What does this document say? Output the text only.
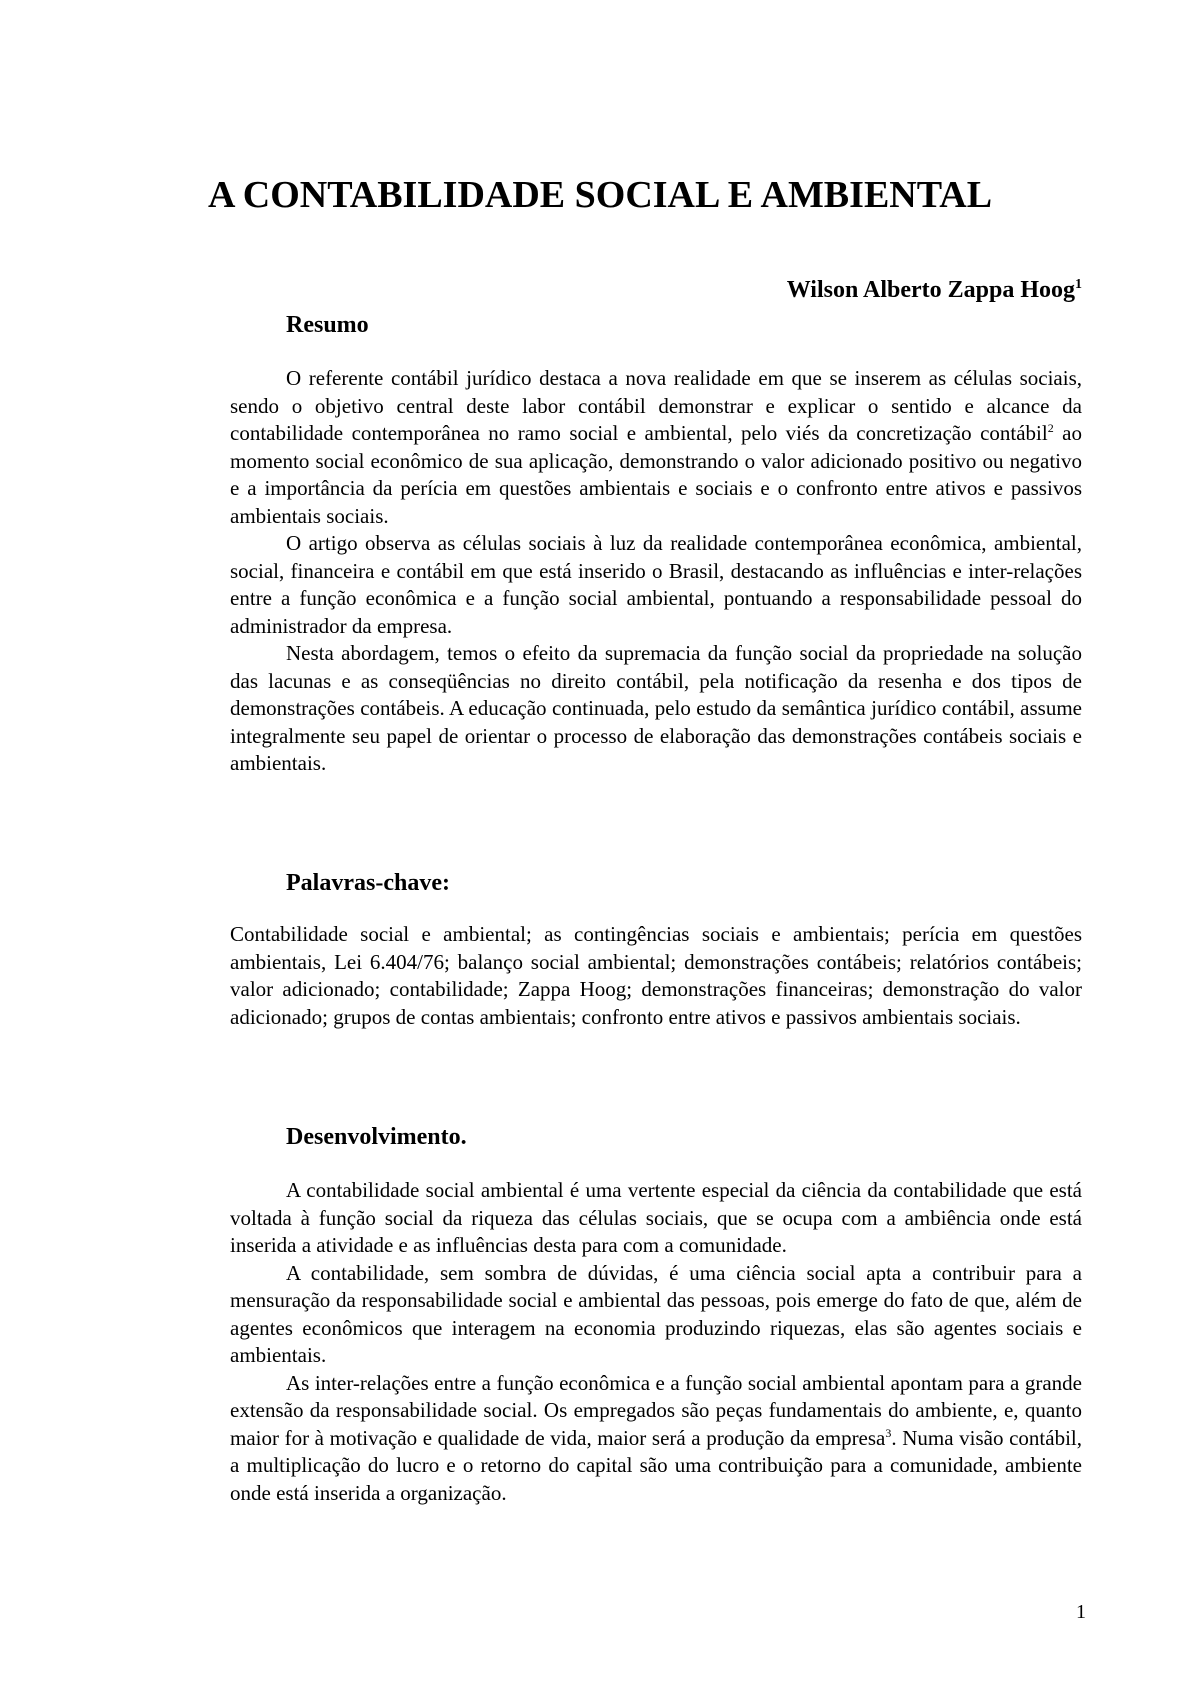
A CONTABILIDADE SOCIAL E AMBIENTAL
Wilson Alberto Zappa Hoog$^1$
Resumo

O referente contábil jurídico destaca a nova realidade em que se inserem as células sociais, sendo o objetivo central deste labor contábil demonstrar e explicar o sentido e alcance da contabilidade contemporânea no ramo social e ambiental, pelo viés da concretização contábil$^2$ ao momento social econômico de sua aplicação, demonstrando o valor adicionado positivo ou negativo e a importância da perícia em questões ambientais e sociais e o confronto entre ativos e passivos ambientais sociais.

O artigo observa as células sociais à luz da realidade contemporânea econômica, ambiental, social, financeira e contábil em que está inserido o Brasil, destacando as influências e inter-relações entre a função econômica e a função social ambiental, pontuando a responsabilidade pessoal do administrador da empresa.

Nesta abordagem, temos o efeito da supremacia da função social da propriedade na solução das lacunas e as conseqüências no direito contábil, pela notificação da resenha e dos tipos de demonstrações contábeis. A educação continuada, pelo estudo da semântica jurídico contábil, assume integralmente seu papel de orientar o processo de elaboração das demonstrações contábeis sociais e ambientais.

Palavras-chave:

Contabilidade social e ambiental; as contingências sociais e ambientais; perícia em questões ambientais, Lei 6.404/76; balanço social ambiental; demonstrações contábeis; relatórios contábeis; valor adicionado; contabilidade; Zappa Hoog; demonstrações financeiras; demonstração do valor adicionado; grupos de contas ambientais; confronto entre ativos e passivos ambientais sociais.

Desenvolvimento.

A contabilidade social ambiental é uma vertente especial da ciência da contabilidade que está voltada à função social da riqueza das células sociais, que se ocupa com a ambiência onde está inserida a atividade e as influências desta para com a comunidade.

A contabilidade, sem sombra de dúvidas, é uma ciência social apta a contribuir para a mensuração da responsabilidade social e ambiental das pessoas, pois emerge do fato de que, além de agentes econômicos que interagem na economia produzindo riquezas, elas são agentes sociais e ambientais.

As inter-relações entre a função econômica e a função social ambiental apontam para a grande extensão da responsabilidade social. Os empregados são peças fundamentais do ambiente, e, quanto maior for à motivação e qualidade de vida, maior será a produção da empresa$^3$. Numa visão contábil, a multiplicação do lucro e o retorno do capital são uma contribuição para a comunidade, ambiente onde está inserida a organização.

1
